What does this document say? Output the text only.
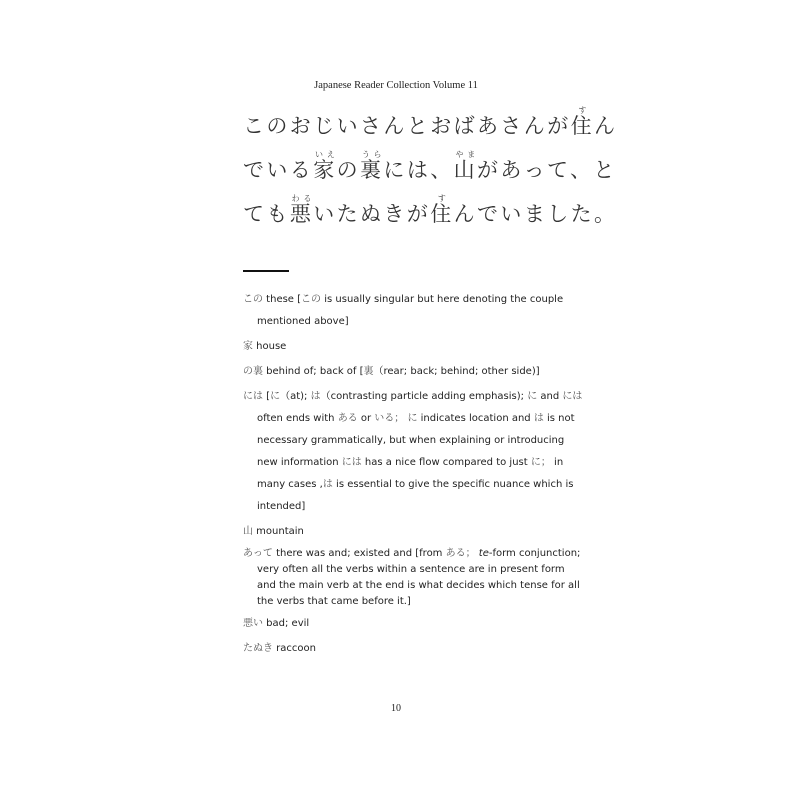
Japanese Reader Collection Volume 11
このおじいさんとおばあさんが住すん
でいる家いえの裏うらには、山やまがあって、と
ても悪わるいたぬきが住すんでいました。

この these [この is usually singular but here denoting the couple mentioned above]

家 house

の裏 behind of; back of [裏（rear; back; behind; other side)]

には [に（at); は（contrasting particle adding emphasis); に and には often ends with ある or いる； に indicates location and は is not necessary grammatically, but when explaining or introducing new information には has a nice flow compared to just に； in many cases ,は is essential to give the specific nuance which is intended]

山 mountain

あって there was and; existed and [from ある； te-form conjunction; very often all the verbs within a sentence are in present form and the main verb at the end is what decides which tense for all the verbs that came before it.]

悪い bad; evil

たぬき raccoon

10
